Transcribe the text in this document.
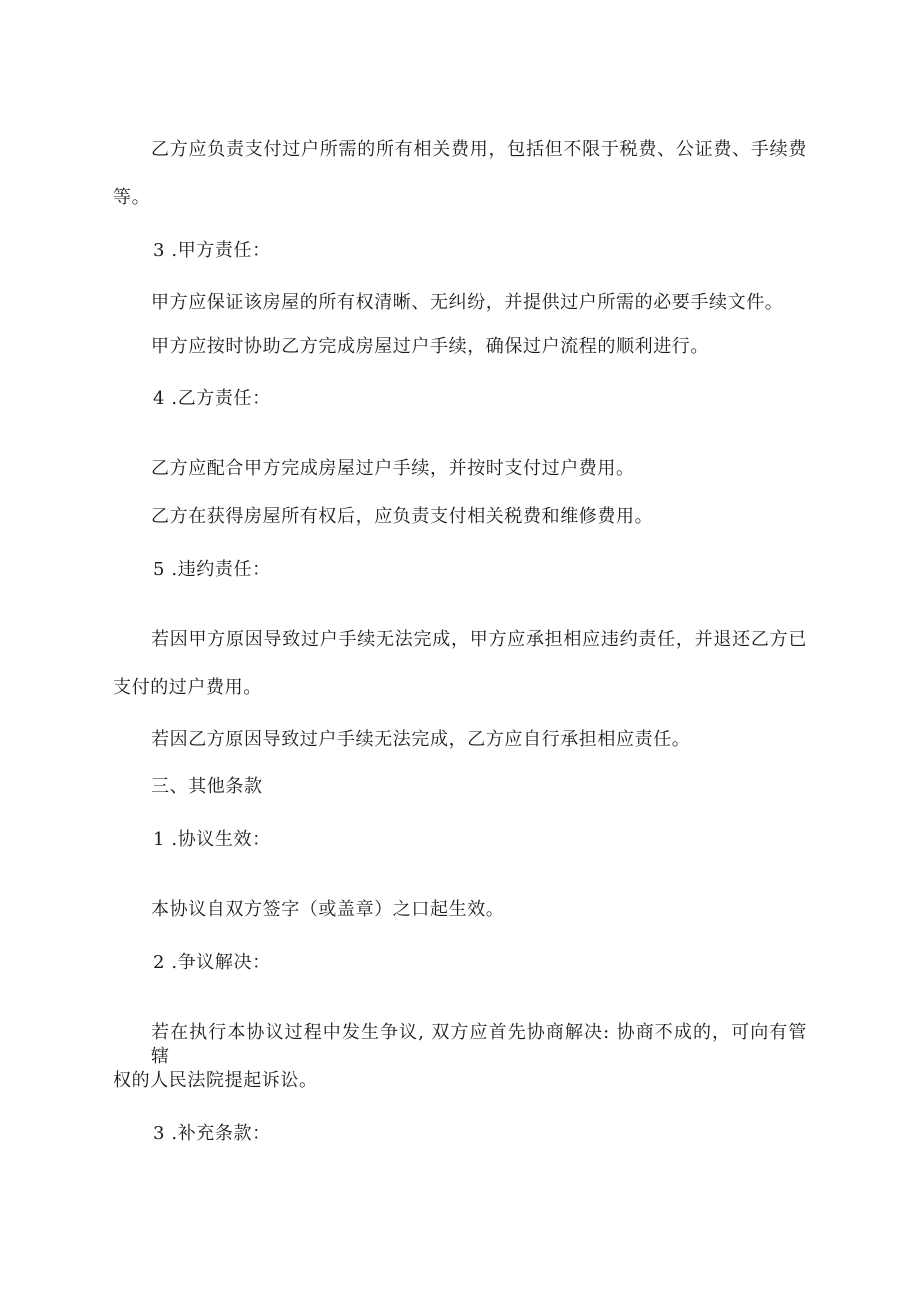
乙方应负责支付过户所需的所有相关费用，包括但不限于税费、公证费、手续费
等。
3 .甲方责任：
甲方应保证该房屋的所有权清晰、无纠纷，并提供过户所需的必要手续文件。
甲方应按时协助乙方完成房屋过户手续，确保过户流程的顺利进行。
4 .乙方责任：
乙方应配合甲方完成房屋过户手续，并按时支付过户费用。
乙方在获得房屋所有权后，应负责支付相关税费和维修费用。
5 .违约责任：
若因甲方原因导致过户手续无法完成，甲方应承担相应违约责任，并退还乙方已
支付的过户费用。
若因乙方原因导致过户手续无法完成，乙方应自行承担相应责任。
三、其他条款
1 .协议生效：
本协议自双方签字（或盖章）之口起生效。
2 .争议解决：
若在执行本协议过程中发生争议, 双方应首先协商解决: 协商不成的，可向有管辖
权的人民法院提起诉讼。
3 .补充条款：
